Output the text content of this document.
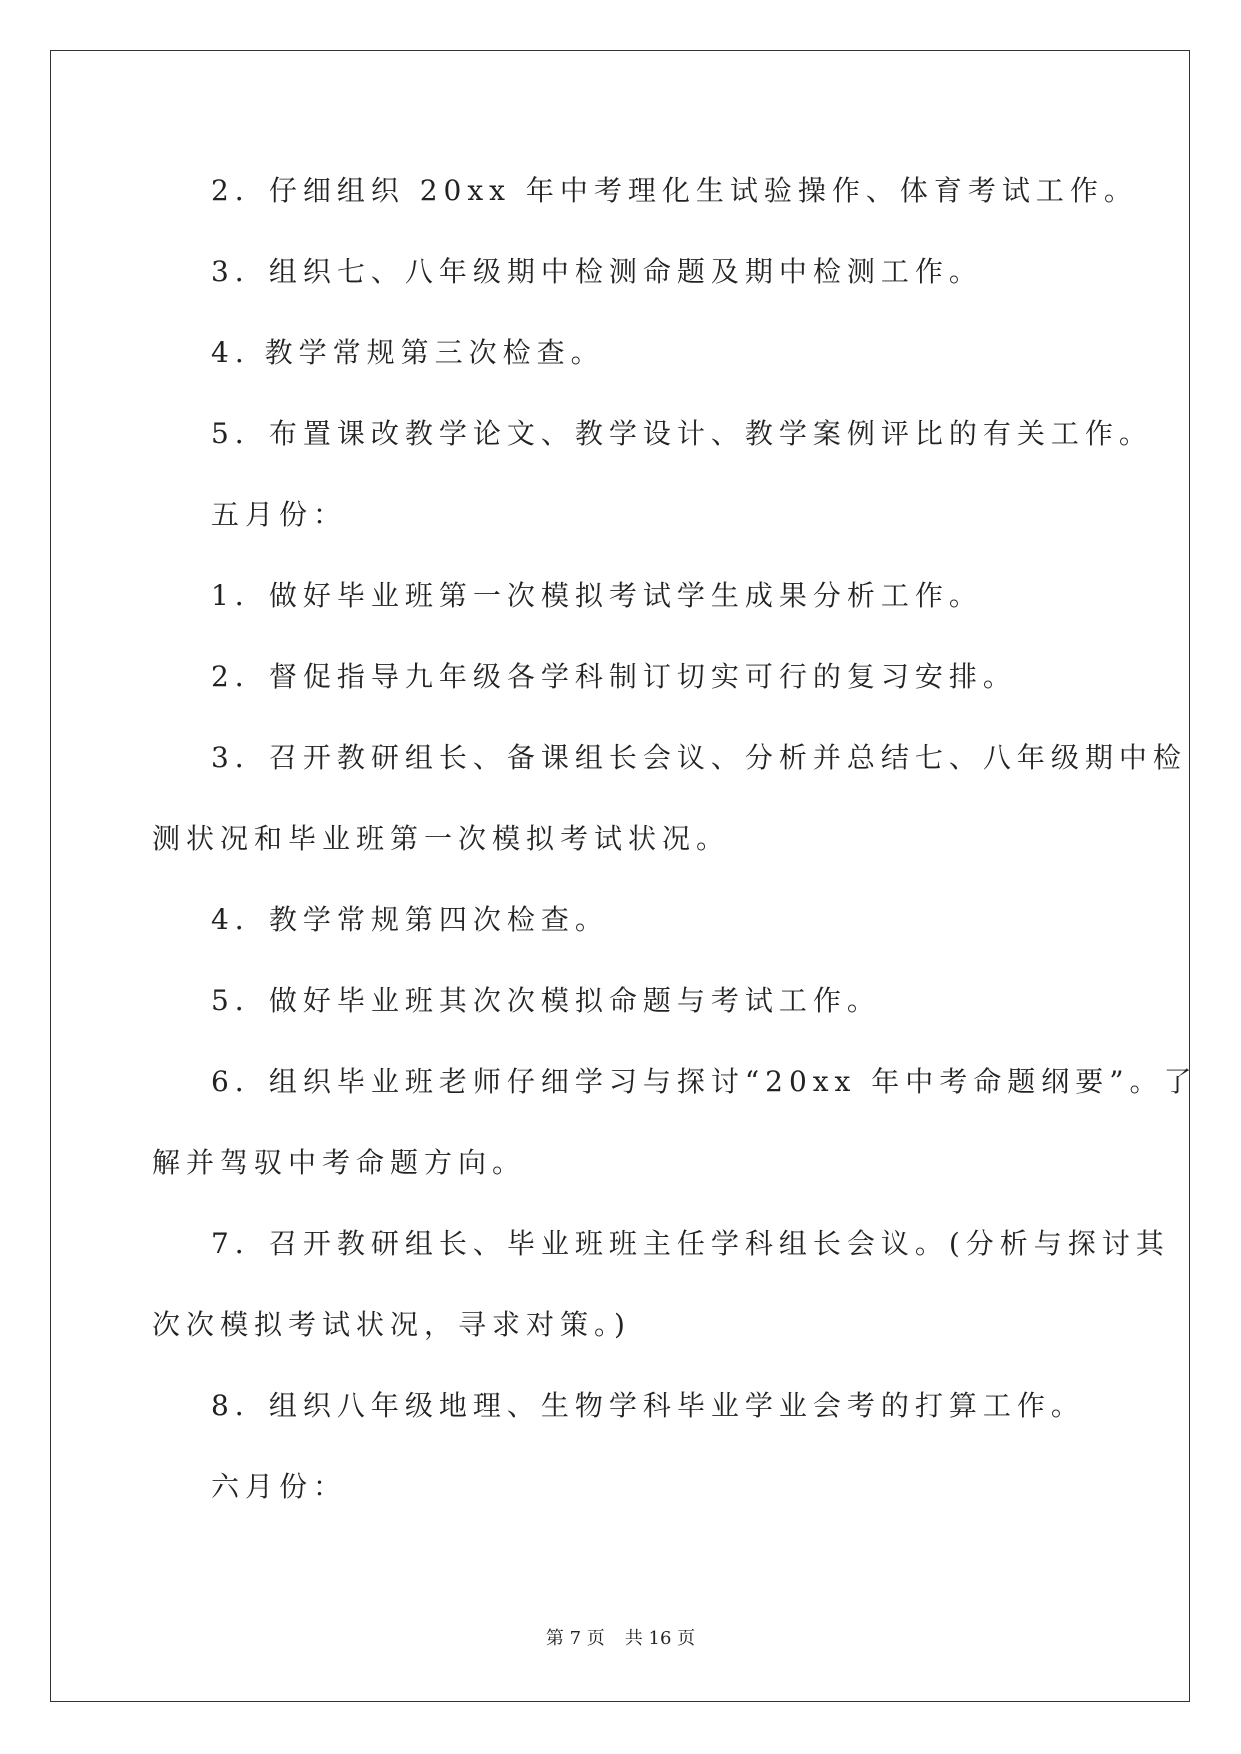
2．仔细组织 20xx 年中考理化生试验操作、体育考试工作。
3．组织七、八年级期中检测命题及期中检测工作。
4. 教学常规第三次检查。
5．布置课改教学论文、教学设计、教学案例评比的有关工作。
五月份：
1．做好毕业班第一次模拟考试学生成果分析工作。
2．督促指导九年级各学科制订切实可行的复习安排。
3．召开教研组长、备课组长会议、分析并总结七、八年级期中检
测状况和毕业班第一次模拟考试状况。
4．教学常规第四次检查。
5．做好毕业班其次次模拟命题与考试工作。
6．组织毕业班老师仔细学习与探讨“20xx 年中考命题纲要”。了
解并驾驭中考命题方向。
7．召开教研组长、毕业班班主任学科组长会议。(分析与探讨其
次次模拟考试状况，寻求对策。)
8．组织八年级地理、生物学科毕业学业会考的打算工作。
六月份：
第 7 页 共 16 页
